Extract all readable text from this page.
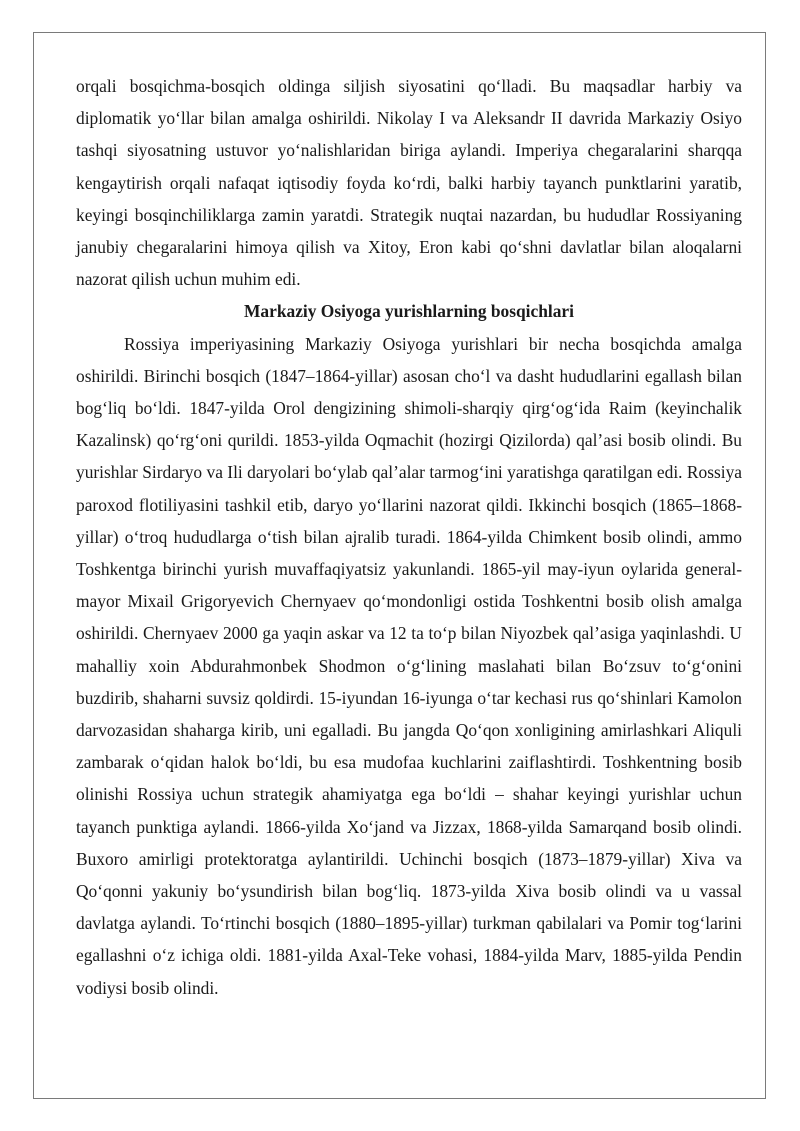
orqali bosqichma-bosqich oldinga siljish siyosatini qo‘lladi. Bu maqsadlar harbiy va diplomatik yo‘llar bilan amalga oshirildi. Nikolay I va Aleksandr II davrida Markaziy Osiyo tashqi siyosatning ustuvor yo‘nalishlaridan biriga aylandi. Imperiya chegaralarini sharqqa kengaytirish orqali nafaqat iqtisodiy foyda ko‘rdi, balki harbiy tayanch punktlarini yaratib, keyingi bosqinchiliklarga zamin yaratdi. Strategik nuqtai nazardan, bu hududlar Rossiyaning janubiy chegaralarini himoya qilish va Xitoy, Eron kabi qo‘shni davlatlar bilan aloqalarni nazorat qilish uchun muhim edi.

Markaziy Osiyoga yurishlarning bosqichlari

Rossiya imperiyasining Markaziy Osiyoga yurishlari bir necha bosqichda amalga oshirildi. Birinchi bosqich (1847–1864-yillar) asosan cho‘l va dasht hududlarini egallash bilan bog‘liq bo‘ldi. 1847-yilda Orol dengizining shimoli-sharqiy qirg‘og‘ida Raim (keyinchalik Kazalinsk) qo‘rg‘oni qurildi. 1853-yilda Oqmachit (hozirgi Qizilorda) qal’asi bosib olindi. Bu yurishlar Sirdaryo va Ili daryolari bo‘ylab qal’alar tarmog‘ini yaratishga qaratilgan edi. Rossiya paroxod flotiliyasini tashkil etib, daryo yo‘llarini nazorat qildi. Ikkinchi bosqich (1865–1868-yillar) o‘troq hududlarga o‘tish bilan ajralib turadi. 1864-yilda Chimkent bosib olindi, ammo Toshkentga birinchi yurish muvaffaqiyatsiz yakunlandi. 1865-yil may-iyun oylarida general-mayor Mixail Grigoryevich Chernyaev qo‘mondonligi ostida Toshkentni bosib olish amalga oshirildi. Chernyaev 2000 ga yaqin askar va 12 ta to‘p bilan Niyozbek qal’asiga yaqinlashdi. U mahalliy xoin Abdurahmonbek Shodmon o‘g‘lining maslahati bilan Bo‘zsuv to‘g‘onini buzdirib, shaharni suvsiz qoldirdi. 15-iyundan 16-iyunga o‘tar kechasi rus qo‘shinlari Kamolon darvozasidan shaharga kirib, uni egalladi. Bu jangda Qo‘qon xonligining amirlashkari Aliquli zambarak o‘qidan halok bo‘ldi, bu esa mudofaa kuchlarini zaiflashtirdi. Toshkentning bosib olinishi Rossiya uchun strategik ahamiyatga ega bo‘ldi – shahar keyingi yurishlar uchun tayanch punktiga aylandi. 1866-yilda Xo‘jand va Jizzax, 1868-yilda Samarqand bosib olindi. Buxoro amirligi protektoratga aylantirildi. Uchinchi bosqich (1873–1879-yillar) Xiva va Qo‘qonni yakuniy bo‘ysundirish bilan bog‘liq. 1873-yilda Xiva bosib olindi va u vassal davlatga aylandi. To‘rtinchi bosqich (1880–1895-yillar) turkman qabilalari va Pomir tog‘larini egallashni o‘z ichiga oldi. 1881-yilda Axal-Teke vohasi, 1884-yilda Marv, 1885-yilda Pendin vodiysi bosib olindi.
